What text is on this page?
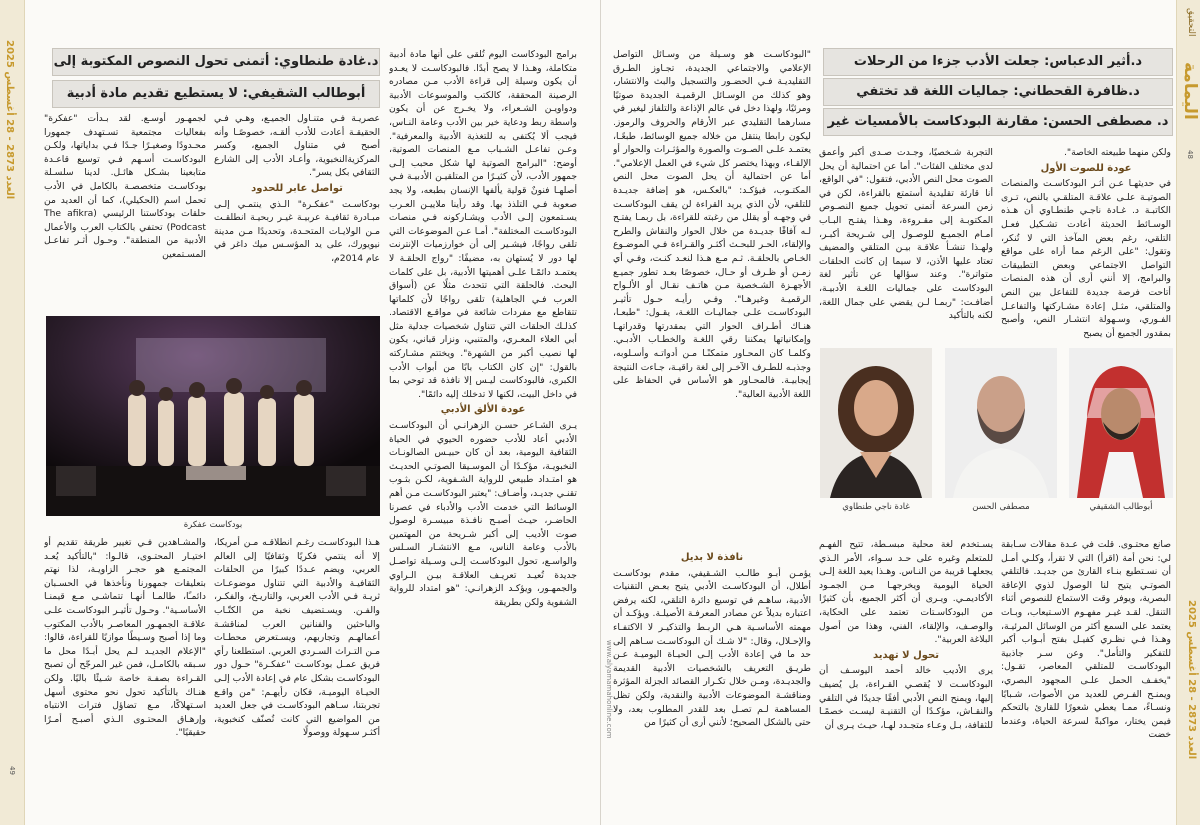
التحقيق
اليمامة
48
العدد 2873 - 28 أغسطس 2025
د.أثير الدعباس: جعلت الأدب جزءا من الرحلات
د.ظافرة القحطاني: جماليات اللغة قد تختفي
د. مصطفى الحسن: مقارنة البودكاست بالأمسيات غير

"البودكاسـت هو وسـيلة من وسـائل التواصل الإعلامي والاجتماعي الجديدة، تجـاوز الطـرق التقليديـة فـي الحضـور والتسجيل والبث والانتشار، وهو كذلك من الوسـائل الرقميـة الجديدة صوتيًا ومرئيًا، ولهذا دخل في عالم الإذاعة والتلفاز ليغير في مسارهما التقليدي عبر الأرقام والحروف والرموز. ليكون رابطا ينتقل من خلاله جميع الوسائط، طبعًـا، يعتمـد علـى الصـوت والصورة والمؤثـرات والحوار أو الإلقـاء، وبهذا يختصر كل شيء في العمل الإعلامي". أما عن احتمالية أن يحل الصوت محل النص المكتـوب، فيؤكـد: "بالعكـس، هو إضافة جديـدة للتلقي، لأن الذي يريد القراءة لن يقف البودكاسـت في وجهـه أو يقلل من رغبته للقراءة، بل ربمـا يفتـح لـه آفاقًا جديـدة من خلال الحوار والنقاش والطرح والإلقاء، الحـر للبحـث أكثـر والقـراءة فـي الموضـوع الخـاص بالحلقـة. ثـم مـع هـذا لنعـد كنـت، وفـي أي زمـن أو ظـرف أو حـال، خصوصًا بعـد تطور جميـع الأجهـزة الشـخصية مـن هاتـف نقـال أو الألـواح الرقميـة وغيرهـا". وفـي رأيـه حـول تأثيـر البودكاسـت علـى جماليـات اللغـة، يقـول: "طبعـا، هنـاك أطـراف الحوار التي بمقدرتها وقدراتهـا وإمكانياتها يمكننا رقي اللغـة والخطـاب الأدبـي. وكلمـا كان المحـاور متمكنًـا مـن أدواتـه وأسـلوبه، وجذبـه للطـرف الآخـر إلى لغة راقيـة، جـاءت النتيجة إيجابيـة. فالمحـاور هو الأساس في الحفاظ على اللغة الأدبية العالية".

التجربة شـخصيًا، وجـدت صـدى أكبر وأعمق لدى مختلف الفئات". أما عن احتمالية أن يحل الصوت محل النص الأدبي، فتقول: "في الواقع، أنا قارئة تقليدية أستمتع بالقراءة، لكن في زمن السرعة أتمنى تحويل جميع النصـوص المكتوبـة إلى مقـروءة، وهـذا يفتـح البـاب أمـام الجميـع للوصـول إلى شـريحة أكبـر، ولهـذا تنشـأ علاقـة بيـن المتلقي والمضيف تعتاد عليها الأذن، لا سيما إن كانت الحلقات متواترة". وعند سؤالها عن تأثير لغة البودكاست على جماليات اللغـة الأدبيـة، أضافـت: "ربمـا لـن يقضي على جمال اللغة، لكنه بالتأكيد

ولكن منهما طبيعته الخاصة".

عودة للصوت الأول

في حديثهـا عـن أثـر البودكاسـت والمنصات الصوتيـة علـى علاقـة المتلقـي بالنص، تـرى الكاتبـة د. غـادة ناجـي طنطـاوي أن هـذه الوسـائط الحديثة أعادت تشـكيل فعـل التلقي، رغم بعض المآخذ التي لا تُنكر، وتقول: "على الرغم مما أراه على مواقع التواصل الاجتماعي وبعض التطبيقات والبرامج، إلا أنني أرى أن هذه المنصات أتاحت فرصة جديدة للتفاعل بين النص والمتلقي، مثـل إعادة مشـاركتها والتفاعـل الفـوري، وسـهولة انتشـار النص، وأصبح بمقدور الجميع أن يصبح

غادة ناجي طنطاوي	مصطفى الحسن	أبوطالب الشقيفي

يسـتخدم لغة محلية مبسـطة، تتيح الفهـم للمتعلم وغيره على حـد سـواء، الأمر الـذي يجعلهـا قريبة من النـاس. وهـذا يعيد اللغة إلـى الحياة اليومية ويخرجهـا مـن الجمـود الأكاديمـي. ويـرى أن أكثر الجميع، بأن كثيرًا من البودكاسـتات تعتمد على الحكاية، والوصـف، والإلقاء، الفني، وهذا من أصول البلاغة العربية".

تحول لا تهديد

يرى الأديب خالد أحمد اليوسـف أن البودكاسـت لا يُقصـي القـراءة، بل يُضيف إليها، ويمنح النص الأدبي أفقًا جديدًا في التلقي والنقـاش، مؤكـدًا أن التقنيـة ليسـت خصمًـا للثقافة، بـل وعـاء متجـدد لهـا، حيـث يـرى أن

صانع محتـوى. قلت في عـدة مقالات سـابقة لي: نحن أمة (اقرأ) التي لا تقرأ، وكلـي أمـل أن نسـتطيع بنـاء القارئ من جديـد. فالتلقي الصوتـي يتيح لنا الوصول لذوي الإعاقة البصرية، ويوفر وقت الاستماع للنصوص أثناء التنقل. لقـد غيـر مفهـوم الاسـتيعاب، وبـات يعتمد على السمع أكثر من الوسائل المرئيـة، وهـذا فـي نظـري كفيـل بفتح أبـواب أكبر للتفكير والتأمل". وعن سـر جاذبية البودكاسـت للمتلقي المعاصر، تقـول: "يخفـف الحمل علـى المجهود البصري، ويمنـح الفـرص للعديد من الأصوات، شـبابًا ونسـاءً، ممـا يعطي شعورًا للقارئ بالتحكم فيمن يختار، مواكبةً لسرعة الحياة، وعندما خضت

نافذة لا بديل

يؤمـن أبـو طالـب الشـقيفي، مقدم بودكاسـت أطلال، أن البودكاسـت الأدبي يتيح بعـض التقنيات الأدبية، ساهـم في توسيع دائرة التلقي، لكنه يرفض اعتباره بديلاً عن مصادر المعرفـة الأصيلـة. ويؤكـد أن مهمته الأساسـية هـي الربـط والتذكيـر لا الاكتفـاء والإحـلال، وقال: "لا شـك أن البودكاسـت سـاهم إلى حد ما في إعادة الأدب إلـى الحيـاة اليوميـة عـن طريـق التعريف بالشخصيات الأدبية القديمة والجديـدة، ومـن خلال تكـرار القصائد الجزلة المؤثرة ومناقشـة الموضوعات الأدبية والنقدية، ولكن تظل المساهمة لـم تصـل بعد للقدر المطلوب بعد، ولا حتى بالشكل الصحيح؛ لأنني أرى أن كثيرًا من

www.alyamamahonline.com
العدد 2873 - 28 أغسطس 2025
49
د.غادة طنطاوي: أتمنى تحول النصوص المكتوبة إلى
أبوطالب الشقيفي: لا يستطيع تقديم مادة أدبية

برامج البودكاست اليوم تُلقى على أنها مادة أدبية متكاملة، وهـذا لا يصح أبدًا. فالبودكاسـت لا يعـدو أن يكون وسيلة إلى قراءة الأدب مـن مصادره الرصينة المحققة، كالكتب والموسوعات الأدبية ودواويـن الشـعراء، ولا يخـرج عن أن يكون واسطة ربط ودعاية خير بين الأدب وعامة النـاس، فيجب ألا يُكتفى به للتغذية الأدبية والمعرفية". وعـن تفاعـل الشـباب مـع المنصات الصوتية، أوضح: "البرامج الصوتية لها شكل محبب إلـى جمهور الأدب، لأن كثيـرًا من المتلقيـن الأدبيـة فـي أصلهـا فنونٌ قولية يألفها الإنسان بطبعه، ولا يجد صعوبة فـي التلذذ بها. وقد رأينا ملاييـن العـرب يسـتمعون إلـى الأدب ويشـاركونه فـي منصات البودكاسـت المختلفة". أمـا عـن الموضوعات التي تلقى رواجًا، فيشـير إلى أن خوارزميات الإنترنت لها دور لا يُستهان به، مضيفًا: "رواج الحلقـة لا يعتمـد دائمًـا علـى أهميتها الأدبية، بل على كلمات البحث. فالحلقة التي تتحدث مثلًا عن (أسواق العرب فـي الجاهلية) تلقى رواجًا لأن كلماتها تتقاطع مع مفردات شائعة في مواقـع الاقتصاد. كذلـك الحلقات التي تتناول شخصيات جدلية مثل أبي العلاء المعـري، والمتنبي، ونزار قباني، يكون لها نصيب أكبر من الشهرة". ويختتم مشـاركته بالقول: "إن كان الكتاب بابًا من أبواب الأدب الكبرى، فالبودكاست ليـس إلا نافذة قد توحي بما في داخل البيت، لكنها لا تدخلك إليه دائمًا".

عودة الألق الأدبي

يـرى الشـاعر حسـن الزهرانـي أن البودكاسـت الأدبي أعاد للأدب حضوره الحيوي في الحياة الثقافية اليومية، بعد أن كان حبيـس الصالونـات النخبويـة، مؤكـدًا أن الموسـيقا الصوتـي الحديـث هو امتـداد طبيعي للرواية الشـفوية، لكـن بثـوب تقنـي جديـد، وأضـاف: "يعتبر البودكاسـت مـن أهم الوسائط التي خدمت الأدب والأدباء في عصرنا الحاضـر، حيـث أصبـح نافـذة مبيسـرة لوصول صوت الأديب إلى أكبر شـريحة من المهتمين بالأدب وعامة الناس، مـع الانتشـار السـلس والواسـع، تحول البودكاسـت إلـى وسـيلة تواصـل جديدة تُعيـد تعريـف العلاقـة بيـن الـراوي والجمهـور، ويؤكـد الزهرانـي: "هو امتداد للرواية الشفوية ولكن بطريقة

عصريـة فـي متنـاول الجميـع، وهـي فـي الحقيقـة أعادت للأدب ألقـه، خصوصًـا وأنه أصبح في متناول الجميع، وكسر المركزيةالنخبوية، وأعـاد الأدب إلى الشارع الثقافي بكل يسر".

تواصل عابر للحدود

بودكاسـت "عفكـرة" الـذي ينتمـي إلـى مبـادرة ثقافيـة عربيـة غيـر ربحيـة انطلقـت مـن الولايـات المتحـدة، وتحديدًا مـن مدينة نيويورك، على يد المؤسـس ميك داغر في عام 2014م،

لجمهـور أوسـع. لقد بـدأت "عفكرة" بفعاليات مجتمعية تسـتهدف جمهورا محـدودًا وصغيـرًا جـدًا فـي بداياتها، ولكـن البودكاسـت أسـهم فـي توسيع قاعـدة متابعينا بشـكل هائـل. لدينا سلسـلة بودكاسـت متخصصـة بالكامل في الأدب تحمل اسم (الحكيلي)، كما أن العديد من حلقات بودكاستنا الرئيسي (The afikra Podcast) تحتفي بالكتاب العرب والأعمال الأدبية من المنطقة". وحـول أثـر تفاعـل المسـتمعين

بودكاست عفكرة

هـذا البودكاسـت رغـم انطلاقـه مـن أمريكا، إلا أنه ينتمي فكريًا وثقافيًا إلى العالم العربي، ويضم عـددًا كبيرًا من الحلقات الثقافيـة والأدبية التي تتناول موضوعـات ثريـة فـي الأدب العربي، والتاريـخ، والفكـر، والفـن. ويسـتضيف نخبة من الكتّـاب والباحثين والفنانين العرب لمناقشـة أعمالهـم وتجاربهم، ويسـتعرض محطـات مـن التـراث السـردي العربي. استطلعنا رأي فريق عمـل بودكاسـت "عفكـرة" حـول دور البودكاسـت بشكل عام في إعادة الأدب إلـى الحيـاة اليوميـة، فكان رأيهـم: "من واقـع تجربتنا، سـاهم البودكاسـت في جعل العديد من المواضيع التي كانت تُصنّف كنخبوية، أكثـر سـهولة ووصولًا

والمشـاهدين فـي تغيير طريقة تقديم أو اختيـار المحتـوى، قالـوا: "بالتأكيد يُعـد المجتمـع هو حجـر الزاويـة، لذا نهتم بتعليقات جمهورنا ونأخذها في الحسـبان دائمـًا، طالمـا أنهـا تتماشـى مـع قيمنـا الأساسـية". وحـول تأثيـر البودكاسـت علـى علاقـة الجمهـور المعاصـر بالأدب المكتوب وما إذا أصبح وسـيطًا موازيًا للقراءة، قالوا: "الإعلام الجديـد لـم يحل أبـدًا محل ما سـبقه بالكامـل، فمن غير المرجّح أن تصبح القـراءة بصفـة خاصة شـيئًا باليًا. ولكن هنـاك بالتأكيد تحول نحو محتوى أسهل اسـتهلاكًا، مـع تضاؤل فترات الانتباه وإرهـاق المحتـوى الـذي أصبـح أمـرًا حقيقيًا".
